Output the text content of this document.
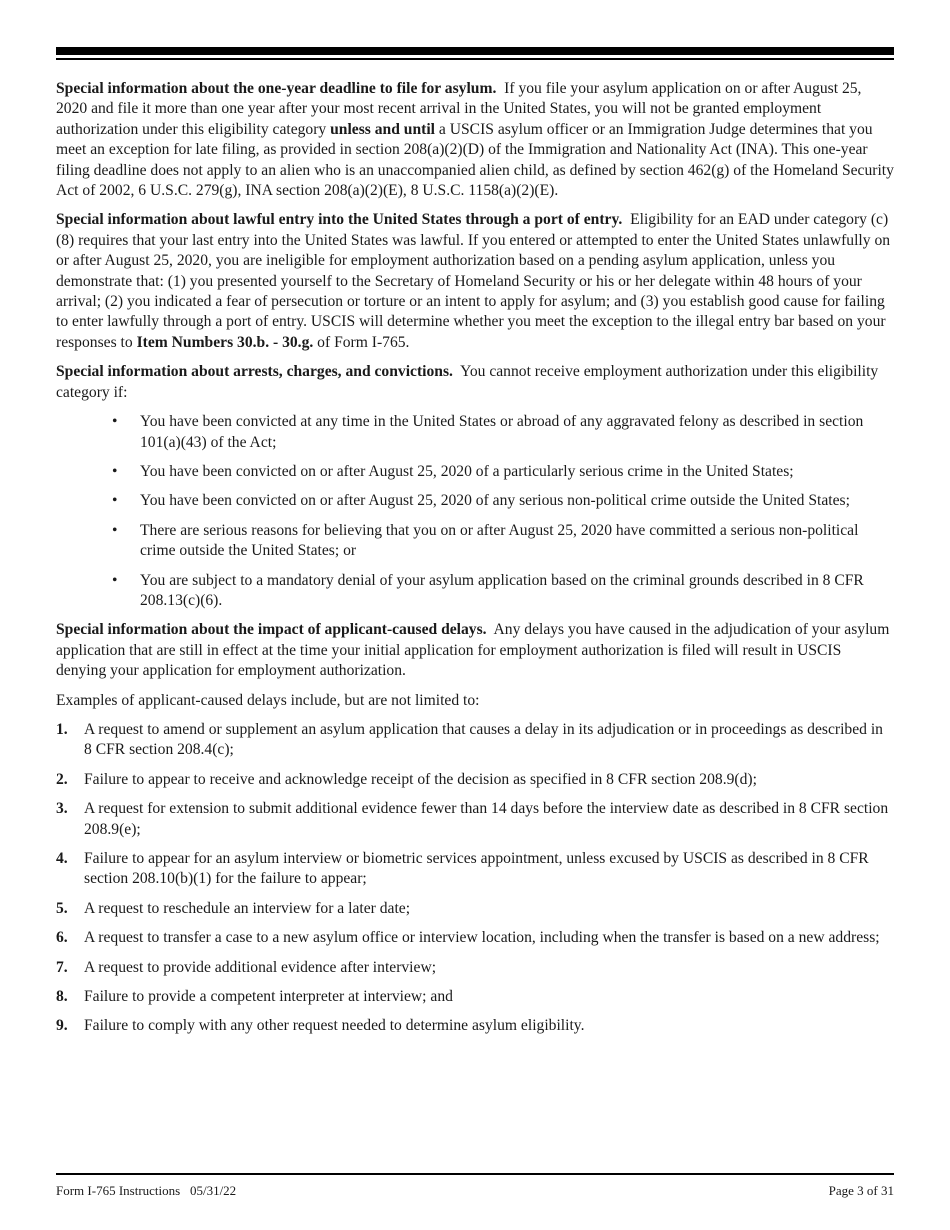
Special information about the one-year deadline to file for asylum. If you file your asylum application on or after August 25, 2020 and file it more than one year after your most recent arrival in the United States, you will not be granted employment authorization under this eligibility category unless and until a USCIS asylum officer or an Immigration Judge determines that you meet an exception for late filing, as provided in section 208(a)(2)(D) of the Immigration and Nationality Act (INA). This one-year filing deadline does not apply to an alien who is an unaccompanied alien child, as defined by section 462(g) of the Homeland Security Act of 2002, 6 U.S.C. 279(g), INA section 208(a)(2)(E), 8 U.S.C. 1158(a)(2)(E).

Special information about lawful entry into the United States through a port of entry. Eligibility for an EAD under category (c)(8) requires that your last entry into the United States was lawful. If you entered or attempted to enter the United States unlawfully on or after August 25, 2020, you are ineligible for employment authorization based on a pending asylum application, unless you demonstrate that: (1) you presented yourself to the Secretary of Homeland Security or his or her delegate within 48 hours of your arrival; (2) you indicated a fear of persecution or torture or an intent to apply for asylum; and (3) you establish good cause for failing to enter lawfully through a port of entry. USCIS will determine whether you meet the exception to the illegal entry bar based on your responses to Item Numbers 30.b. - 30.g. of Form I-765.

Special information about arrests, charges, and convictions. You cannot receive employment authorization under this eligibility category if:

• You have been convicted at any time in the United States or abroad of any aggravated felony as described in section 101(a)(43) of the Act;
• You have been convicted on or after August 25, 2020 of a particularly serious crime in the United States;
• You have been convicted on or after August 25, 2020 of any serious non-political crime outside the United States;
• There are serious reasons for believing that you on or after August 25, 2020 have committed a serious non-political crime outside the United States; or
• You are subject to a mandatory denial of your asylum application based on the criminal grounds described in 8 CFR 208.13(c)(6).

Special information about the impact of applicant-caused delays. Any delays you have caused in the adjudication of your asylum application that are still in effect at the time your initial application for employment authorization is filed will result in USCIS denying your application for employment authorization.

Examples of applicant-caused delays include, but are not limited to:

1. A request to amend or supplement an asylum application that causes a delay in its adjudication or in proceedings as described in 8 CFR section 208.4(c);
2. Failure to appear to receive and acknowledge receipt of the decision as specified in 8 CFR section 208.9(d);
3. A request for extension to submit additional evidence fewer than 14 days before the interview date as described in 8 CFR section 208.9(e);
4. Failure to appear for an asylum interview or biometric services appointment, unless excused by USCIS as described in 8 CFR section 208.10(b)(1) for the failure to appear;
5. A request to reschedule an interview for a later date;
6. A request to transfer a case to a new asylum office or interview location, including when the transfer is based on a new address;
7. A request to provide additional evidence after interview;
8. Failure to provide a competent interpreter at interview; and
9. Failure to comply with any other request needed to determine asylum eligibility.
Form I-765 Instructions   05/31/22	Page 3 of 31
